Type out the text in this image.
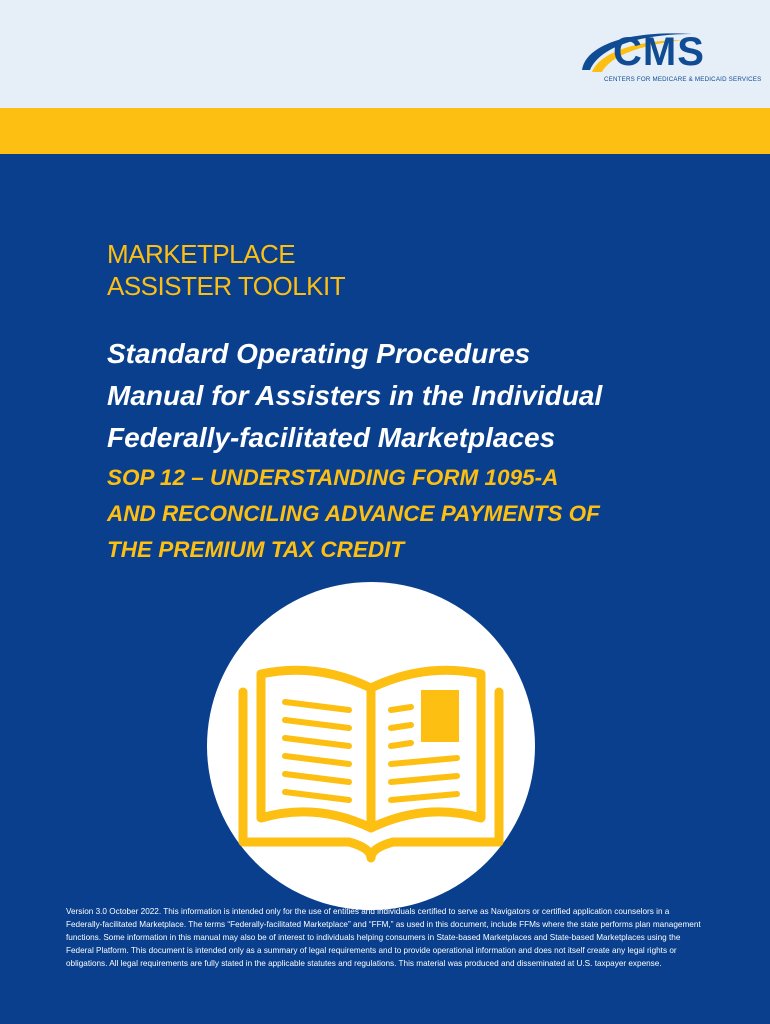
CMS
CENTERS FOR MEDICARE & MEDICAID SERVICES
MARKETPLACE
ASSISTER TOOLKIT
Standard Operating Procedures
Manual for Assisters in the Individual
Federally-facilitated Marketplaces
SOP 12 – UNDERSTANDING FORM 1095-A
AND RECONCILING ADVANCE PAYMENTS OF
THE PREMIUM TAX CREDIT
Version 3.0 October 2022. This information is intended only for the use of entities and individuals certified to serve as Navigators or certified application counselors in a Federally-facilitated Marketplace. The terms “Federally-facilitated Marketplace” and “FFM,” as used in this document, include FFMs where the state performs plan management functions. Some information in this manual may also be of interest to individuals helping consumers in State-based Marketplaces and State-based Marketplaces using the Federal Platform. This document is intended only as a summary of legal requirements and to provide operational information and does not itself create any legal rights or obligations. All legal requirements are fully stated in the applicable statutes and regulations. This material was produced and disseminated at U.S. taxpayer expense.
